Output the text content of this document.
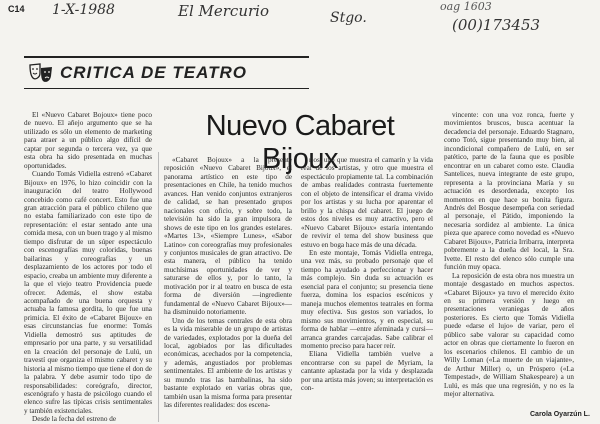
C14 1-X-1988	El Mercurio	Stgo.
oag 1603
(00)173453
CRITICA DE TEATRO
Nuevo Cabaret Bijoux

El «Nuevo Cabaret Bojoux» tiene poco de nuevo. El añejo argumento que se ha utilizado es sólo un elemento de marketing para atraer a un público algo difícil de captar por segunda o tercera vez, ya que esta obra ha sido presentada en muchas oportunidades.

Cuando Tomás Vidiella estrenó «Cabaret Bijoux» en 1976, lo hizo coincidir con la inauguración del teatro Hollywood concebido como café concert. Esto fue una gran atracción para el público chileno que no estaba familiarizado con este tipo de representación: el estar sentado ante una comida mesa, con un buen trago y al mismo tiempo disfrutar de un súper espectáculo con escenografías muy coloridas, buenas bailarinas y coreografías y un desplazamiento de los actores por todo el espacio, creaba un ambiente muy diferente a la que el viejo teatro Providencia puede ofrecer. Además, el show estaba acompañado de una buena orquesta y actuaba la famosa gordita, lo que fue una primicia. El éxito de «Cabaret Bijoux» en esas circunstancias fue enorme: Tomás Vidiella demostró sus aptitudes de empresario por una parte, y su versatilidad en la creación del personaje de Lulú, un travestí que organiza el mismo cabaret y su historia al mismo tiempo que tiene el don de la palabra. Y debe asumir todo tipo de responsabilidades: coreógrafo, director, escenógrafo y hasta de psicólogo cuando el elenco sufre las típicas crisis sentimentales y también existenciales.

Desde la fecha del estreno de

«Cabaret Bojoux» a la presente reposición «Nuevo Cabaret Bijoux», el panorama artístico en este tipo de presentaciones en Chile, ha tenido muchos avances. Han venido conjuntos extranjeros de calidad, se han presentado grupos nacionales con oficio, y sobre todo, la televisión ha sido la gran impulsora de shows de este tipo en los grandes estelares. «Martes 13», «Siempre Lunes», «Sabor Latino» con coreografías muy profesionales y conjuntos musicales de gran atractivo. De esta manera, el público ha tenido muchísimas oportunidades de ver y saturarse de ellos y, por lo tanto, la motivación por ir al teatro en busca de esta forma de diversión —ingrediente fundamental de «Nuevo Cabaret Bijoux»— ha disminuido notoriamente.

Uno de los temas centrales de esta obra es la vida miserable de un grupo de artistas de variedades, explotados por la dueña del local, agobiados por las dificultades económicas, acechados por la competencia, y además, angustiados por problemas sentimentales. El ambiente de los artistas y su mundo tras las bambalinas, ha sido bastante explotado en varias obras que, también usan la misma forma para presentar las diferentes realidades: dos escena-

rios, uno que muestra el camarín y la vida real de los artistas, y otro que muestra el espectáculo propiamente tal. La combinación de ambas realidades contrasta fuertemente con el objeto de intensificar el drama vivido por los artistas y su lucha por aparentar el brillo y la chispa del cabaret. El juego de estos dos niveles es muy atractivo, pero el «Nuevo Cabaret Bijoux» estaría intentando de revivir el tema del show business que estuvo en boga hace más de una década.

En este montaje, Tomás Vidiella entrega, una vez más, su probado personaje que el tiempo ha ayudado a perfeccionar y hacer más complejo. Sin duda su actuación es esencial para el conjunto; su presencia tiene fuerza, domina los espacios escénicos y maneja muchos elementos teatrales en forma muy efectiva. Sus gestos son variados, lo mismo sus movimientos, y en especial, su forma de hablar —entre afeminada y cursi— arranca grandes carcajadas. Sabe calibrar el momento preciso para hacer reír.

Eliana Vidiella también vuelve a encontrarse con su papel de Myriam, la cantante aplastada por la vida y desplazada por una artista más joven; su interpretación es con-

vincente: con una voz ronca, fuerte y movimientos bruscos, busca acentuar la decadencia del personaje. Eduardo Stagnaro, como Totó, sigue presentando muy bien, al incondicional compañero de Lulú, en ser patético, parte de la fauna que es posible encontrar en un cabaret como este. Claudia Santelices, nueva integrante de este grupo, representa a la provinciana María y su actuación es desordenada, excepto los momentos en que hace su bonita figura. Andrés del Bosque desempeña con seriedad al personaje, el Pátido, imponiendo la necesaria sordidez al ambiente. La única pieza que aparece como novedad es «Nuevo Cabaret Bijoux», Patricia Irribarra, interpreta pobremente a la dueña del local, la Sra. Ivette. El resto del elenco sólo cumple una función muy opaca.

La reposición de esta obra nos muestra un montaje desgastado en muchos aspectos. «Cabaret Bijoux» ya tuvo el merecido éxito en su primera versión y luego en presentaciones veraniegas de años posteriores. Es cierto que Tomás Vidiella puede «darse el lujo» de variar, pero el público sabe valorar su capacidad como actor en obras que ciertamente lo fueron en los escenarios chilenos. El cambio de un Willy Loman («La muerte de un viajante», de Arthur Miller) o, un Próspero («La Tempestad», de William Shakespeare) a un Lulú, es más que una regresión, y no es la mejor alternativa.

Carola Oyarzún L.
